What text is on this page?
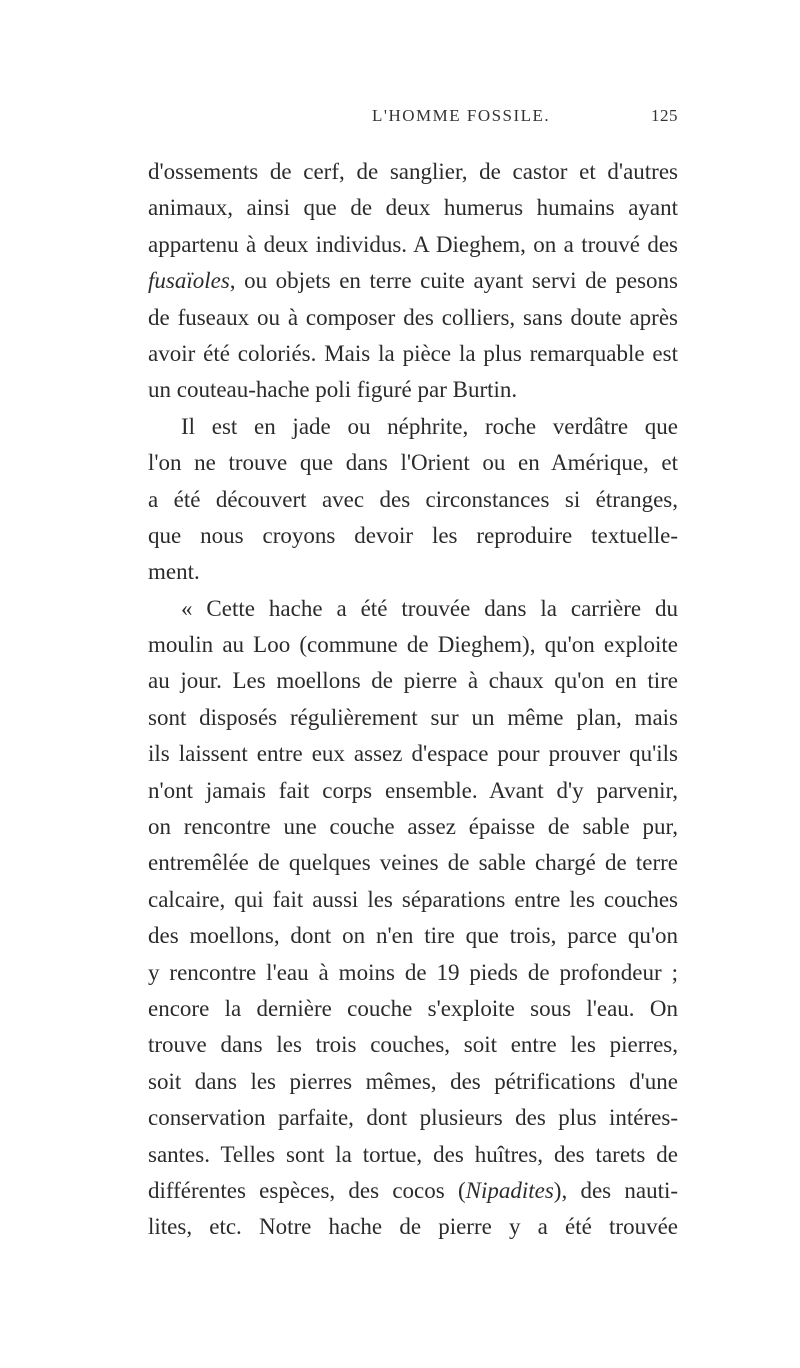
L'HOMME FOSSILE.	125
d'ossements de cerf, de sanglier, de castor et d'autres
animaux, ainsi que de deux humerus humains ayant
appartenu à deux individus. A Dieghem, on a trouvé des
fusaïoles, ou objets en terre cuite ayant servi de pesons
de fuseaux ou à composer des colliers, sans doute après
avoir été coloriés. Mais la pièce la plus remarquable est
un couteau-hache poli figuré par Burtin.
Il est en jade ou néphrite, roche verdâtre que
l'on ne trouve que dans l'Orient ou en Amérique, et
a été découvert avec des circonstances si étranges,
que nous croyons devoir les reproduire textuelle-
ment.
« Cette hache a été trouvée dans la carrière du
moulin au Loo (commune de Dieghem), qu'on exploite
au jour. Les moellons de pierre à chaux qu'on en tire
sont disposés régulièrement sur un même plan, mais
ils laissent entre eux assez d'espace pour prouver qu'ils
n'ont jamais fait corps ensemble. Avant d'y parvenir,
on rencontre une couche assez épaisse de sable pur,
entremêlée de quelques veines de sable chargé de terre
calcaire, qui fait aussi les séparations entre les couches
des moellons, dont on n'en tire que trois, parce qu'on
y rencontre l'eau à moins de 19 pieds de profondeur ;
encore la dernière couche s'exploite sous l'eau. On
trouve dans les trois couches, soit entre les pierres,
soit dans les pierres mêmes, des pétrifications d'une
conservation parfaite, dont plusieurs des plus intéres-
santes. Telles sont la tortue, des huîtres, des tarets de
différentes espèces, des cocos (Nipadites), des nauti-
lites, etc. Notre hache de pierre y a été trouvée
